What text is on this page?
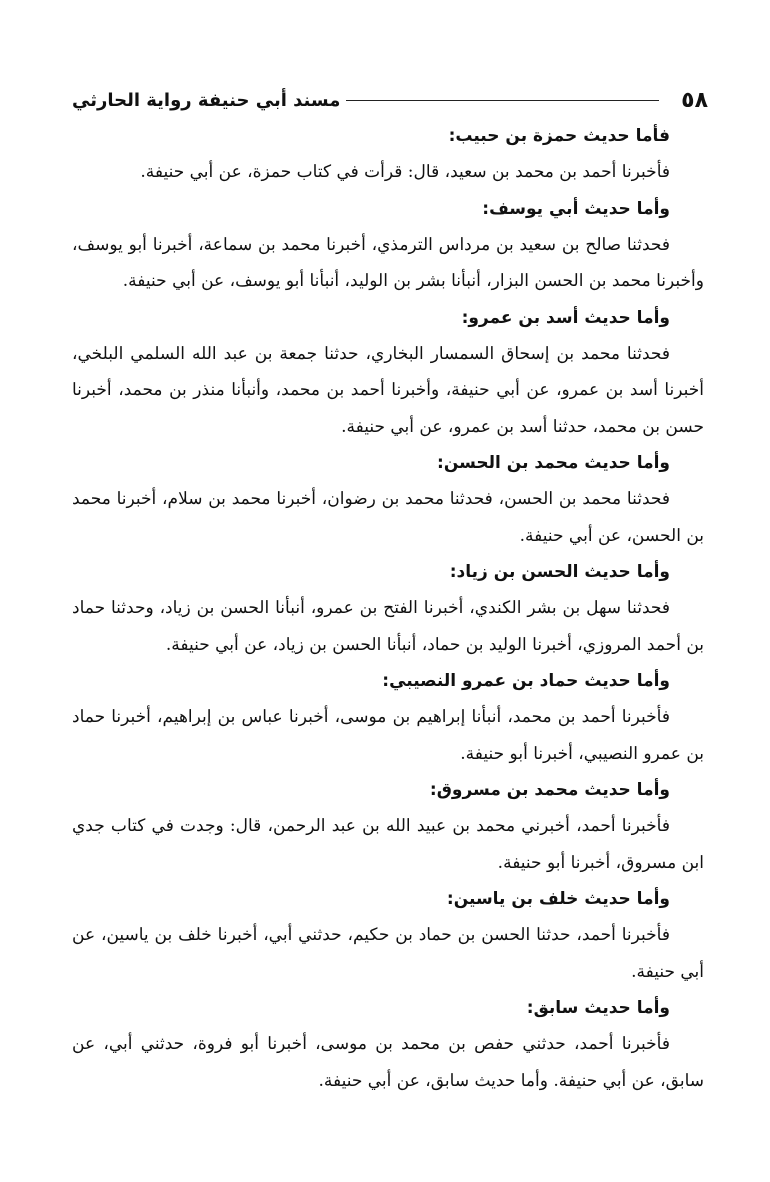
٥٨
مسند أبي حنيفة رواية الحارثي

فأما حديث حمزة بن حبيب:

فأخبرنا أحمد بن محمد بن سعيد، قال: قرأت في كتاب حمزة، عن أبي حنيفة.

وأما حديث أبي يوسف:

فحدثنا صالح بن سعيد بن مرداس الترمذي، أخبرنا محمد بن سماعة، أخبرنا أبو يوسف، وأخبرنا محمد بن الحسن البزار، أنبأنا بشر بن الوليد، أنبأنا أبو يوسف، عن أبي حنيفة.

وأما حديث أسد بن عمرو:

فحدثنا محمد بن إسحاق السمسار البخاري، حدثنا جمعة بن عبد الله السلمي البلخي، أخبرنا أسد بن عمرو، عن أبي حنيفة، وأخبرنا أحمد بن محمد، وأنبأنا منذر بن محمد، أخبرنا حسن بن محمد، حدثنا أسد بن عمرو، عن أبي حنيفة.

وأما حديث محمد بن الحسن:

فحدثنا محمد بن الحسن، فحدثنا محمد بن رضوان، أخبرنا محمد بن سلام، أخبرنا محمد بن الحسن، عن أبي حنيفة.

وأما حديث الحسن بن زياد:

فحدثنا سهل بن بشر الكندي، أخبرنا الفتح بن عمرو، أنبأنا الحسن بن زياد، وحدثنا حماد بن أحمد المروزي، أخبرنا الوليد بن حماد، أنبأنا الحسن بن زياد، عن أبي حنيفة.

وأما حديث حماد بن عمرو النصيبي:

فأخبرنا أحمد بن محمد، أنبأنا إبراهيم بن موسى، أخبرنا عباس بن إبراهيم، أخبرنا حماد بن عمرو النصيبي، أخبرنا أبو حنيفة.

وأما حديث محمد بن مسروق:

فأخبرنا أحمد، أخبرني محمد بن عبيد الله بن عبد الرحمن، قال: وجدت في كتاب جدي ابن مسروق، أخبرنا أبو حنيفة.

وأما حديث خلف بن ياسين:

فأخبرنا أحمد، حدثنا الحسن بن حماد بن حكيم، حدثني أبي، أخبرنا خلف بن ياسين، عن أبي حنيفة.

وأما حديث سابق:

فأخبرنا أحمد، حدثني حفص بن محمد بن موسى، أخبرنا أبو فروة، حدثني أبي، عن سابق، عن أبي حنيفة. وأما حديث سابق، عن أبي حنيفة.
